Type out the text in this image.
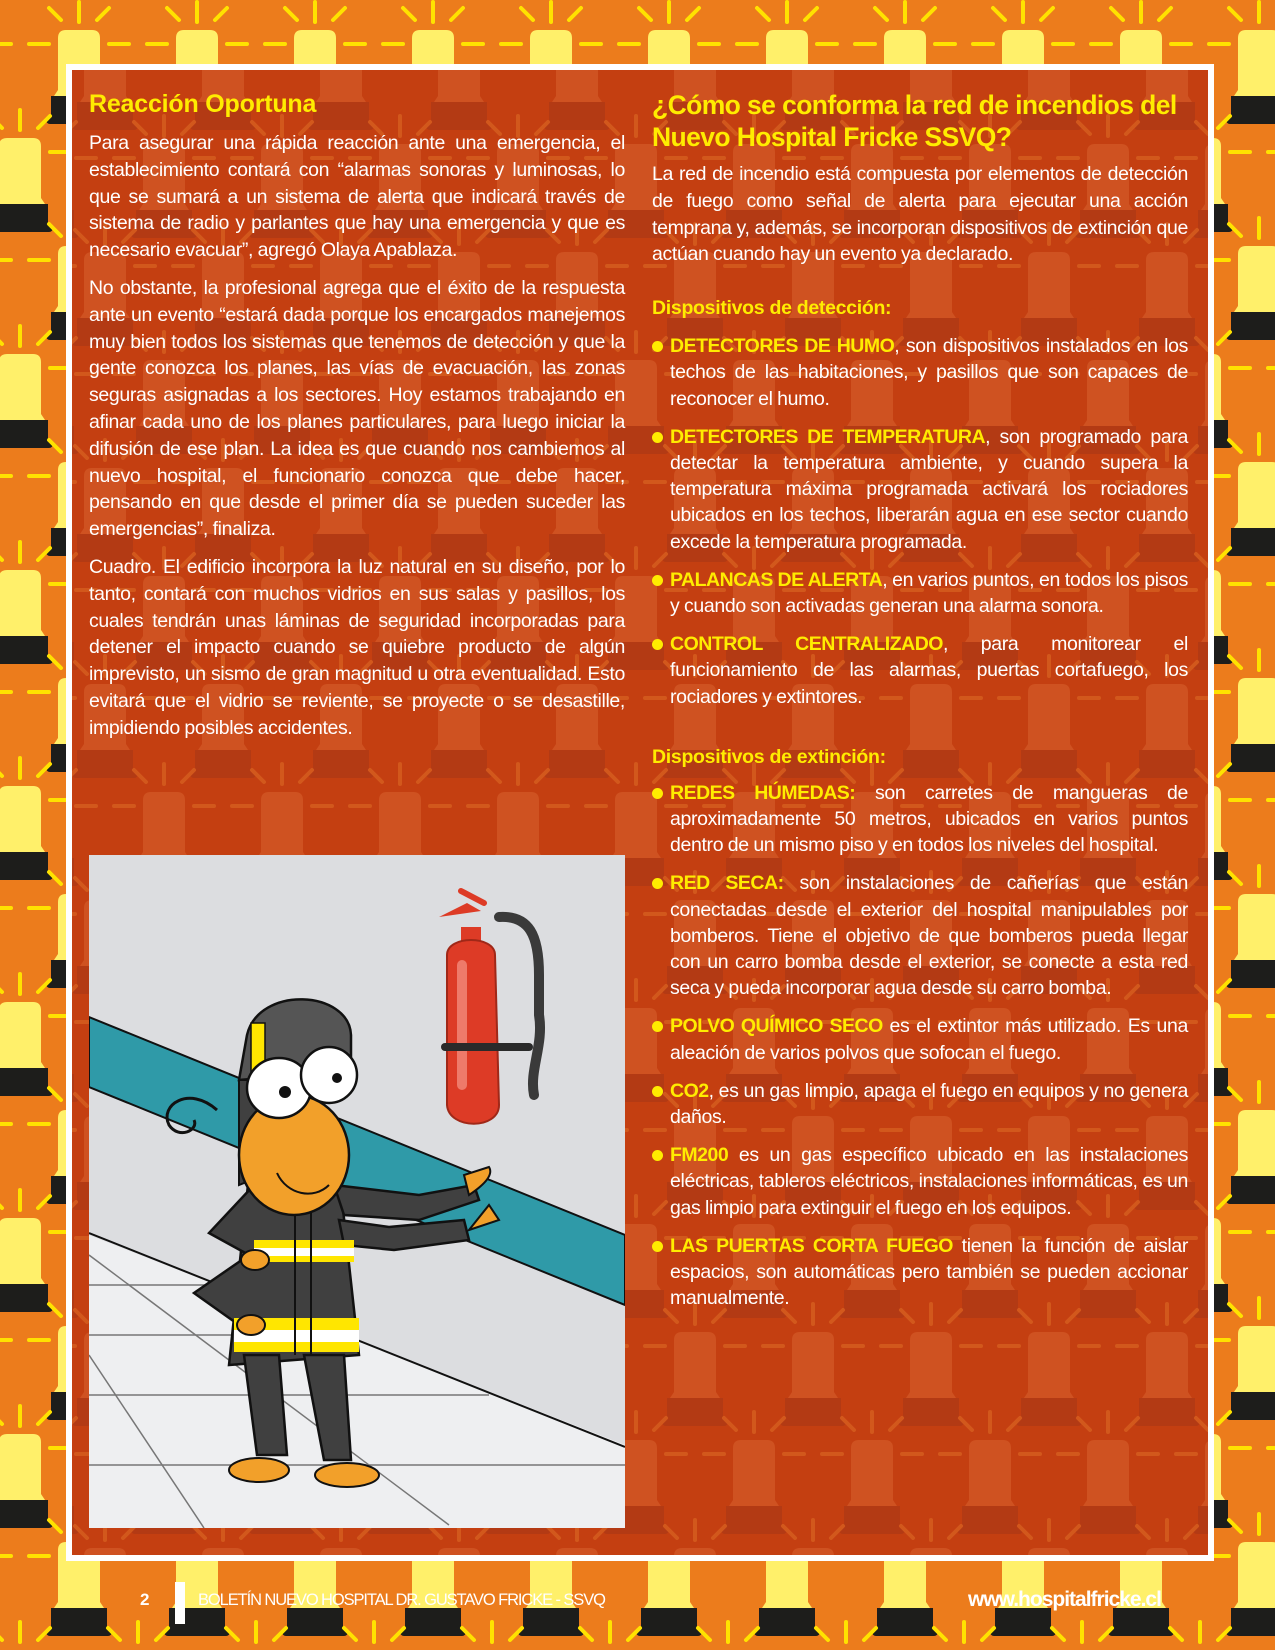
Reacción Oportuna

Para asegurar una rápida reacción ante una emergencia, el establecimiento contará con “alarmas sonoras y luminosas, lo que se sumará a un sistema de alerta que indicará través de sistema de radio y parlantes que hay una emergencia y que es necesario evacuar”, agregó Olaya Apablaza.

No obstante, la profesional agrega que el éxito de la respuesta ante un evento “estará dada porque los encargados manejemos muy bien todos los sistemas que tenemos de detección y que la gente conozca los planes, las vías de evacuación, las zonas seguras asignadas a los sectores. Hoy estamos trabajando en afinar cada uno de los planes particulares, para luego iniciar la difusión de ese plan. La idea es que cuando nos cambiemos al nuevo hospital, el funcionario conozca que debe hacer, pensando en que desde el primer día se pueden suceder las emergencias”, finaliza.

Cuadro. El edificio incorpora la luz natural en su diseño, por lo tanto, contará con muchos vidrios en sus salas y pasillos, los cuales tendrán unas láminas de seguridad incorporadas para detener el impacto cuando se quiebre producto de algún imprevisto, un sismo de gran magnitud u otra eventualidad. Esto evitará que el vidrio se reviente, se proyecte o se desastille, impidiendo posibles accidentes.

¿Cómo se conforma la red de incendios del Nuevo Hospital Fricke SSVQ?

La red de incendio está compuesta por elementos de detección de fuego como señal de alerta para ejecutar una acción temprana y, además, se incorporan dispositivos de extinción que actúan cuando hay un evento ya declarado.

Dispositivos de detección:
DETECTORES DE HUMO, son dispositivos instalados en los techos de las habitaciones, y pasillos que son capaces de reconocer el humo.
DETECTORES DE TEMPERATURA, son programado para detectar la temperatura ambiente, y cuando supera la temperatura máxima programada activará los rociadores ubicados en los techos, liberarán agua en ese sector cuando excede la temperatura programada.
PALANCAS DE ALERTA, en varios puntos, en todos los pisos y cuando son activadas generan una alarma sonora.
CONTROL CENTRALIZADO, para monitorear el funcionamiento de las alarmas, puertas cortafuego, los rociadores y extintores.
Dispositivos de extinción:
REDES HÚMEDAS: son carretes de mangueras de aproximadamente 50 metros, ubicados en varios puntos dentro de un mismo piso y en todos los niveles del hospital.
RED SECA: son instalaciones de cañerías que están conectadas desde el exterior del hospital manipulables por bomberos. Tiene el objetivo de que bomberos pueda llegar con un carro bomba desde el exterior, se conecte a esta red seca y pueda incorporar agua desde su carro bomba.
POLVO QUÍMICO SECO es el extintor más utilizado. Es una aleación de varios polvos que sofocan el fuego.
CO2, es un gas limpio, apaga el fuego en equipos y no genera daños.
FM200 es un gas específico ubicado en las instalaciones eléctricas, tableros eléctricos, instalaciones informáticas, es un gas limpio para extinguir el fuego en los equipos.
LAS PUERTAS CORTA FUEGO tienen la función de aislar espacios, son automáticas pero también se pueden accionar manualmente.
2	BOLETÍN NUEVO HOSPITAL DR. GUSTAVO FRICKE - SSVQ	www.hospitalfricke.cl
